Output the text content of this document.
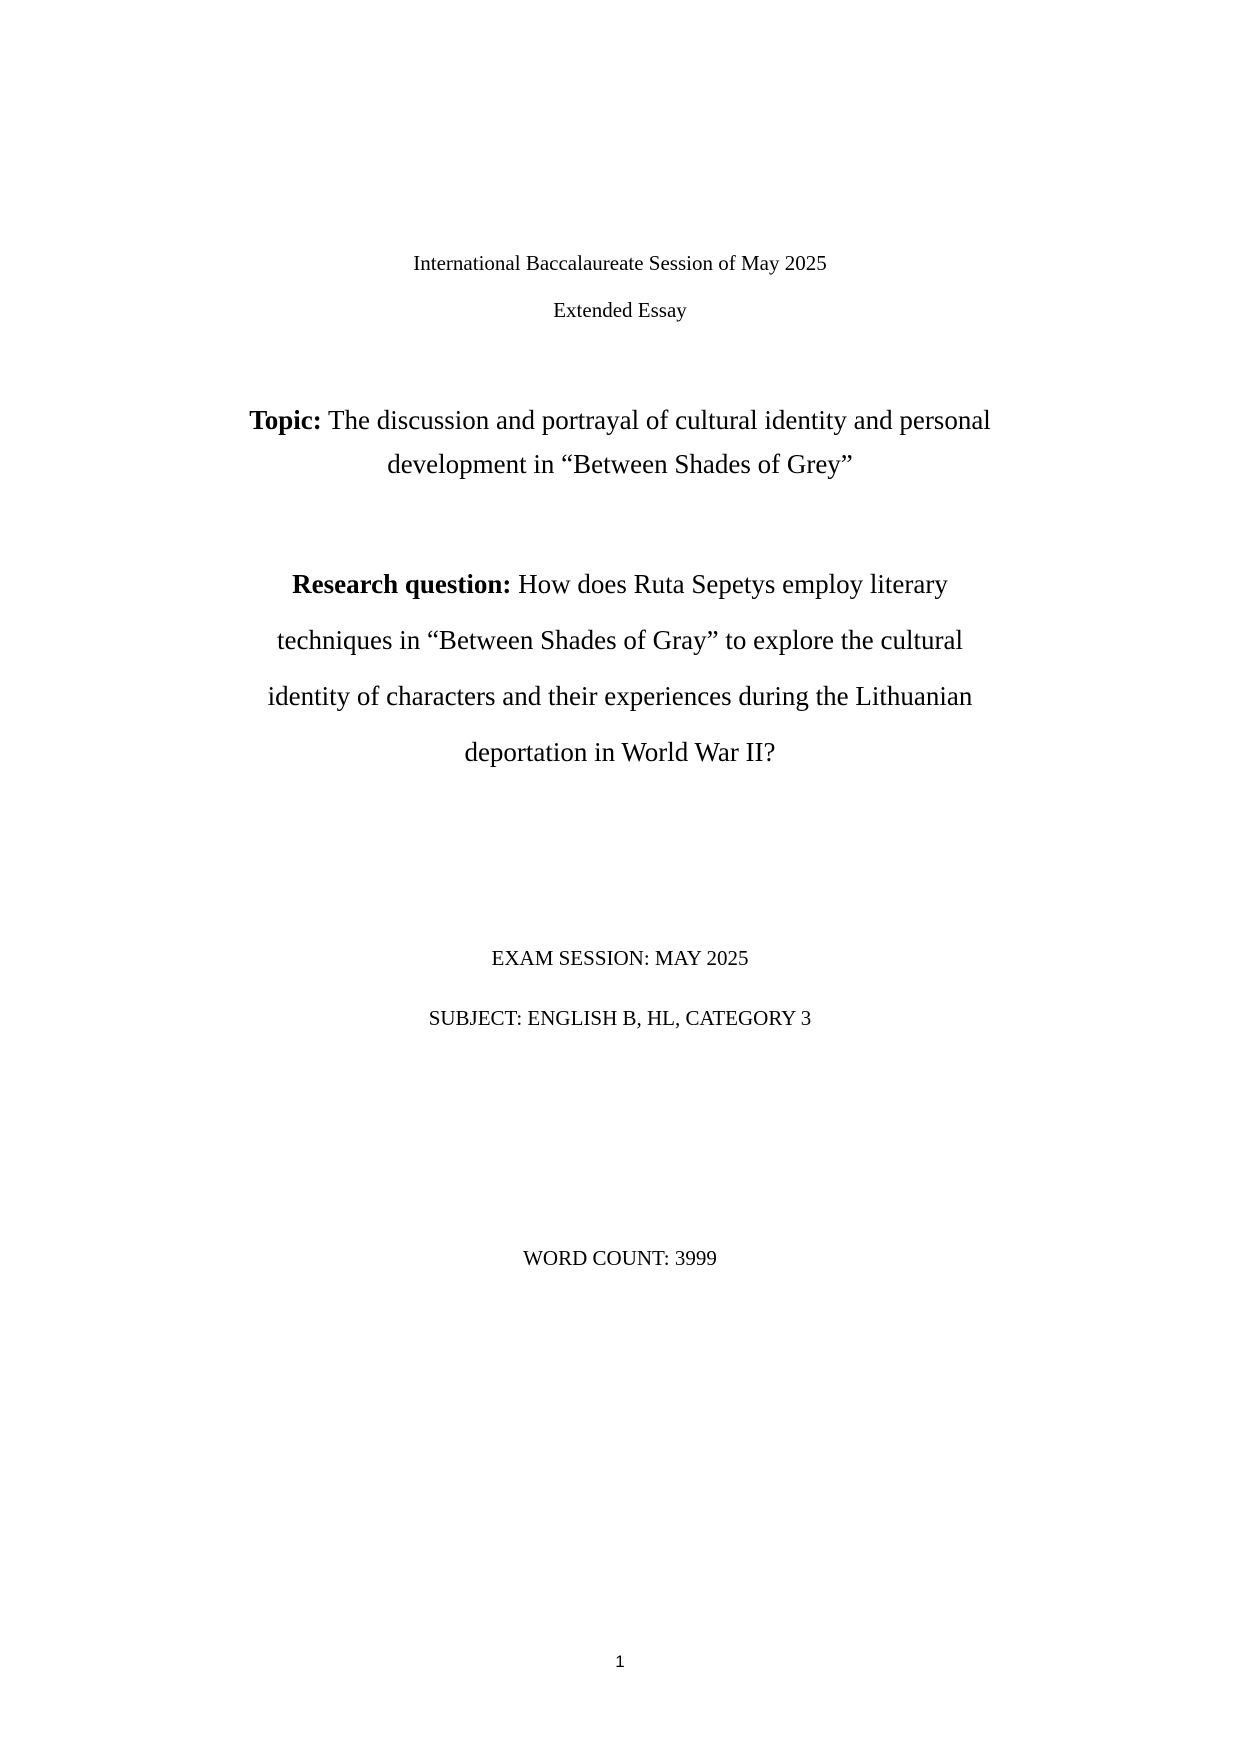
International Baccalaureate Session of May 2025
Extended Essay
Topic: The discussion and portrayal of cultural identity and personal
development in “Between Shades of Grey”
Research question: How does Ruta Sepetys employ literary
techniques in “Between Shades of Gray” to explore the cultural
identity of characters and their experiences during the Lithuanian
deportation in World War II?
EXAM SESSION: MAY 2025
SUBJECT: ENGLISH B, HL, CATEGORY 3
WORD COUNT: 3999
1
